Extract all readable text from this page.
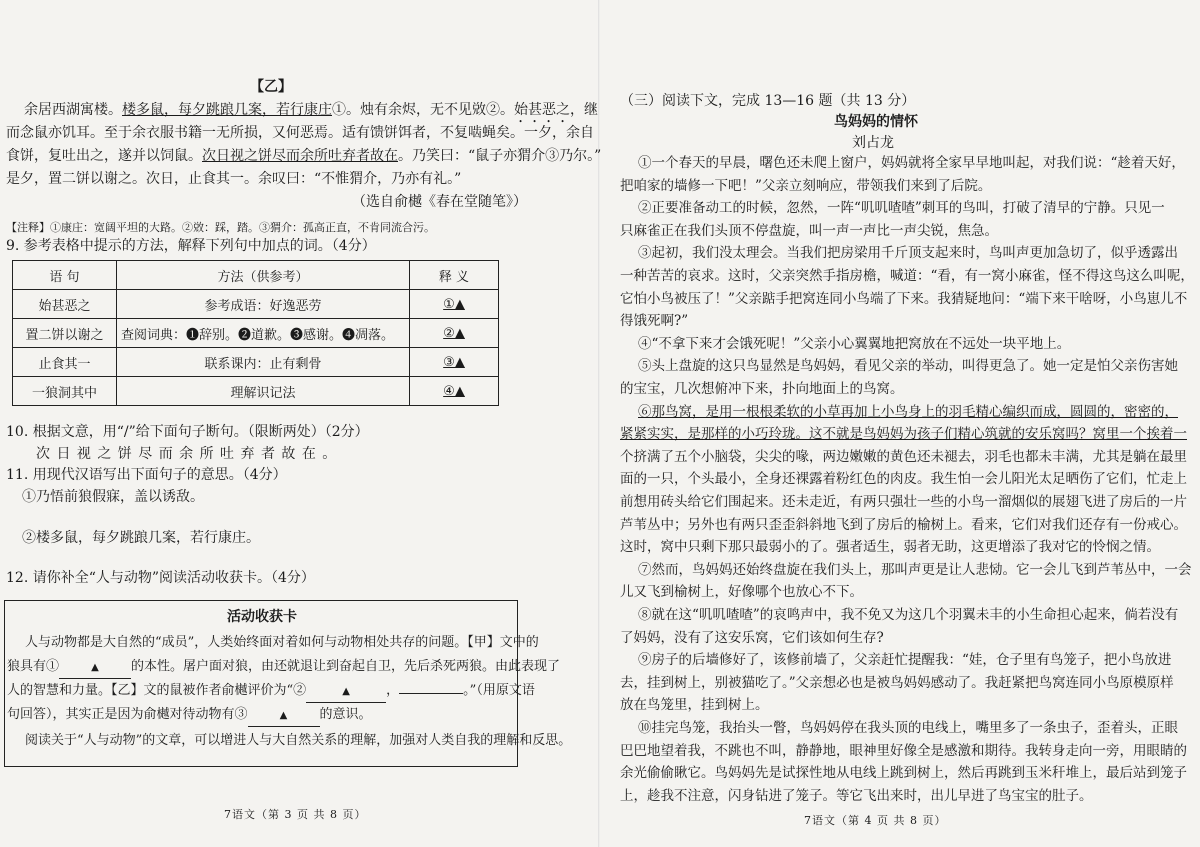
【乙】
余居西湖寓楼。楼多鼠，每夕跳踉几案，若行康庄①。烛有余烬，无不见敚②。始甚恶之，继
而念鼠亦饥耳。至于余衣服书籍一无所损，又何恶焉。适有馈饼饵者，不复啮蝇矣。一夕，余自
食饼，复吐出之，遂并以饲鼠。次日视之饼尽而余所吐弃者故在。乃笑曰：“鼠子亦猬介③乃尔。”
是夕，置二饼以谢之。次日，止食其一。余叹曰：“不惟猬介，乃亦有礼。”
（选自俞樾《春在堂随笔》）
【注释】①康庄：宽阔平坦的大路。②敚：踩，踏。③猬介：孤高正直，不肯同流合污。
9. 参考表格中提示的方法，解释下列句中加点的词。（4分）
语 句	方法（供参考）	释 义
始甚恶之	参考成语：好逸恶劳	①▲
置二饼以谢之	查阅词典：❶辞别。❷道歉。❸感谢。❹凋落。	②▲
止食其一	联系课内：止有剩骨	③▲
一狼洞其中	理解识记法	④▲
10. 根据文意，用“/”给下面句子断句。（限断两处）（2分）
次 日 视 之 饼 尽 而 余 所 吐 弃 者 故 在 。
11. 用现代汉语写出下面句子的意思。（4分）
①乃悟前狼假寐，盖以诱敌。
②楼多鼠，每夕跳踉几案，若行康庄。
12. 请你补全“人与动物”阅读活动收获卡。（4分）
活动收获卡
人与动物都是大自然的“成员”，人类始终面对着如何与动物相处共存的问题。【甲】文中的
狼具有①	▲ 的本性。屠户面对狼，由还就退让到奋起自卫，先后杀死两狼。由此表现了
人的智慧和力量。【乙】文的鼠被作者俞樾评价为“②	▲	，	。”（用原文语
句回答），其实正是因为俞樾对待动物有③	▲ 的意识。
阅读关于“人与动物”的文章，可以增进人与大自然关系的理解，加强对人类自我的理解和反思。
7语文（第 3 页 共 8 页）
（三）阅读下文，完成 13—16 题（共 13 分）
鸟妈妈的情怀
刘占龙
①一个春天的早晨，曙色还未爬上窗户，妈妈就将全家早早地叫起，对我们说：“趁着天好，
把咱家的墙修一下吧！”父亲立刻响应，带领我们来到了后院。
②正要准备动工的时候，忽然，一阵“叽叽喳喳”刺耳的鸟叫，打破了清早的宁静。只见一
只麻雀正在我们头顶不停盘旋，叫一声一声比一声尖锐，焦急。
③起初，我们没太理会。当我们把房梁用千斤顶支起来时，鸟叫声更加急切了，似乎透露出
一种苦苦的哀求。这时，父亲突然手指房檐，喊道：“看，有一窝小麻雀，怪不得这鸟这么叫呢，
它怕小鸟被压了！”父亲踮手把窝连同小鸟端了下来。我猜疑地问：“端下来干啥呀，小鸟崽儿不
得饿死啊?”
④“不拿下来才会饿死呢！”父亲小心翼翼地把窝放在不远处一块平地上。
⑤头上盘旋的这只鸟显然是鸟妈妈，看见父亲的举动，叫得更急了。她一定是怕父亲伤害她
的宝宝，几次想俯冲下来，扑向地面上的鸟窝。
⑥那鸟窝，是用一根根柔软的小草再加上小鸟身上的羽毛精心编织而成，圆圆的，密密的，
紧紧实实，是那样的小巧玲珑。这不就是鸟妈妈为孩子们精心筑就的安乐窝吗？窝里一个挨着一
个挤满了五个小脑袋，尖尖的喙，两边嫩嫩的黄色还未褪去，羽毛也都未丰满，尤其是躺在最里
面的一只，个头最小，全身还裸露着粉红色的肉皮。我生怕一会儿阳光太足晒伤了它们，忙走上
前想用砖头给它们围起来。还未走近，有两只强壮一些的小鸟一溜烟似的展翅飞进了房后的一片
芦苇丛中；另外也有两只歪歪斜斜地飞到了房后的榆树上。看来，它们对我们还存有一份戒心。
这时，窝中只剩下那只最弱小的了。强者适生，弱者无助，这更增添了我对它的怜悯之情。
⑦然而，鸟妈妈还始终盘旋在我们头上，那叫声更是让人悲恸。它一会儿飞到芦苇丛中，一会
儿又飞到榆树上，好像哪个也放心不下。
⑧就在这“叽叽喳喳”的哀鸣声中，我不免又为这几个羽翼未丰的小生命担心起来，倘若没有
了妈妈，没有了这安乐窝，它们该如何生存?
⑨房子的后墙修好了，该修前墙了，父亲赶忙提醒我：“娃，仓子里有鸟笼子，把小鸟放进
去，挂到树上，别被猫吃了。”父亲想必也是被鸟妈妈感动了。我赶紧把鸟窝连同小鸟原模原样
放在鸟笼里，挂到树上。
⑩挂完鸟笼，我抬头一瞥，鸟妈妈停在我头顶的电线上，嘴里多了一条虫子，歪着头，正眼
巴巴地望着我，不跳也不叫，静静地，眼神里好像全是感激和期待。我转身走向一旁，用眼睛的
余光偷偷瞅它。鸟妈妈先是试探性地从电线上跳到树上，然后再跳到玉米秆堆上，最后站到笼子
上，趁我不注意，闪身钻进了笼子。等它飞出来时，出儿早进了鸟宝宝的肚子。
7语文（第 4 页 共 8 页）
